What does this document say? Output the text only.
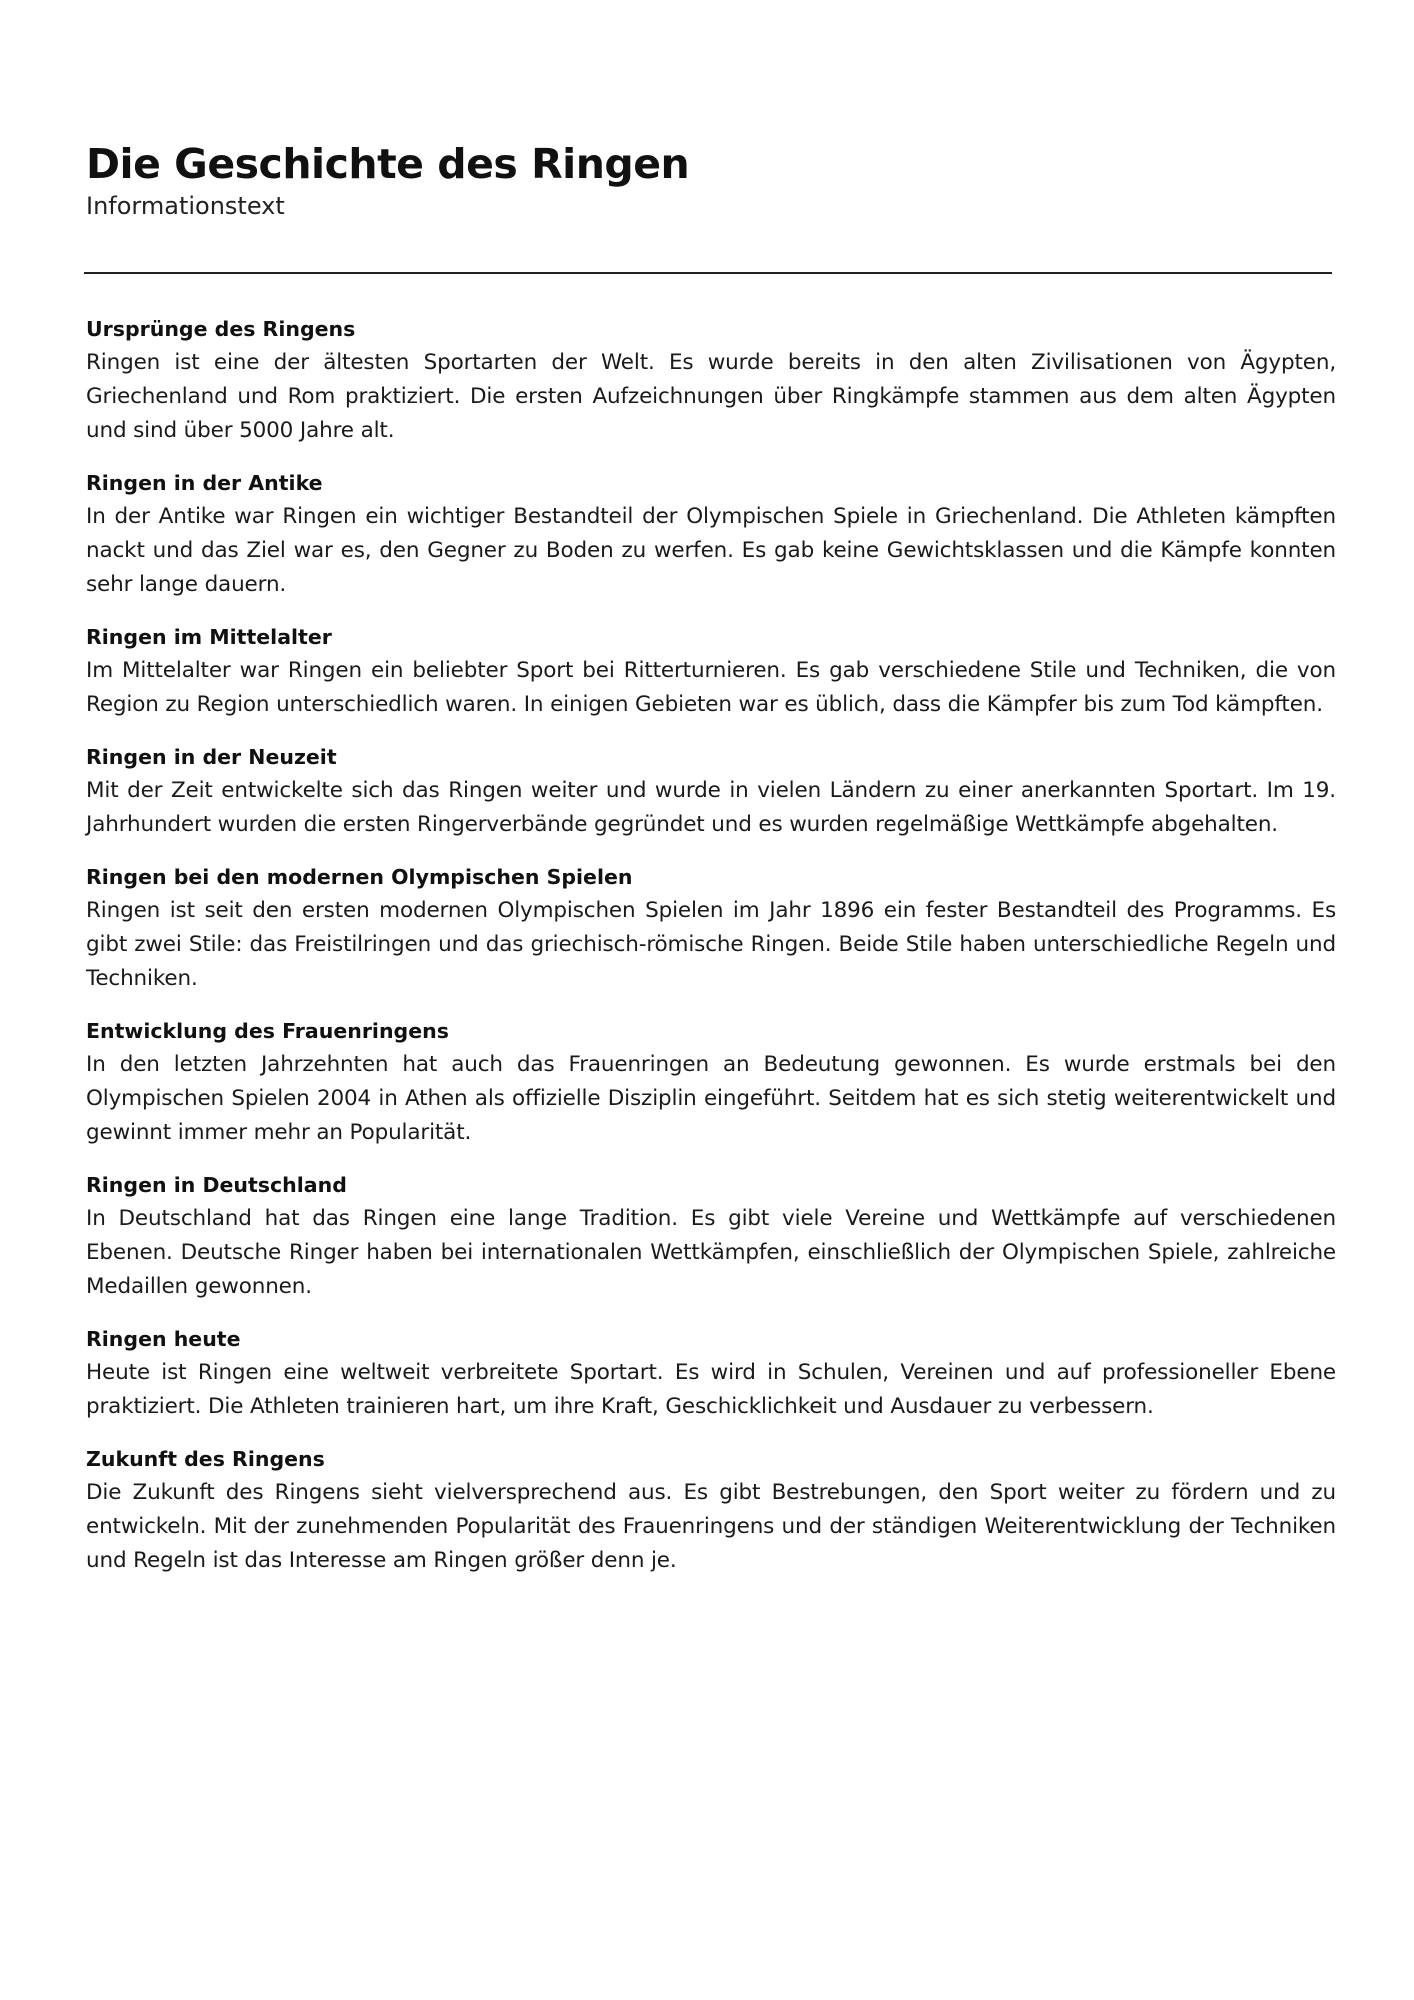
Die Geschichte des Ringen

Informationstext

Ursprünge des Ringens

Ringen ist eine der ältesten Sportarten der Welt. Es wurde bereits in den alten Zivilisationen von Ägypten, Griechenland und Rom praktiziert. Die ersten Aufzeichnungen über Ringkämpfe stammen aus dem alten Ägypten und sind über 5000 Jahre alt.

Ringen in der Antike

In der Antike war Ringen ein wichtiger Bestandteil der Olympischen Spiele in Griechenland. Die Athleten kämpften nackt und das Ziel war es, den Gegner zu Boden zu werfen. Es gab keine Gewichtsklassen und die Kämpfe konnten sehr lange dauern.

Ringen im Mittelalter

Im Mittelalter war Ringen ein beliebter Sport bei Ritterturnieren. Es gab verschiedene Stile und Techniken, die von Region zu Region unterschiedlich waren. In einigen Gebieten war es üblich, dass die Kämpfer bis zum Tod kämpften.

Ringen in der Neuzeit

Mit der Zeit entwickelte sich das Ringen weiter und wurde in vielen Ländern zu einer anerkannten Sportart. Im 19. Jahrhundert wurden die ersten Ringerverbände gegründet und es wurden regelmäßige Wettkämpfe abgehalten.

Ringen bei den modernen Olympischen Spielen

Ringen ist seit den ersten modernen Olympischen Spielen im Jahr 1896 ein fester Bestandteil des Programms. Es gibt zwei Stile: das Freistilringen und das griechisch-römische Ringen. Beide Stile haben unterschiedliche Regeln und Techniken.

Entwicklung des Frauenringens

In den letzten Jahrzehnten hat auch das Frauenringen an Bedeutung gewonnen. Es wurde erstmals bei den Olympischen Spielen 2004 in Athen als offizielle Disziplin eingeführt. Seitdem hat es sich stetig weiterentwickelt und gewinnt immer mehr an Popularität.

Ringen in Deutschland

In Deutschland hat das Ringen eine lange Tradition. Es gibt viele Vereine und Wettkämpfe auf verschiedenen Ebenen. Deutsche Ringer haben bei internationalen Wettkämpfen, einschließlich der Olympischen Spiele, zahlreiche Medaillen gewonnen.

Ringen heute

Heute ist Ringen eine weltweit verbreitete Sportart. Es wird in Schulen, Vereinen und auf professioneller Ebene praktiziert. Die Athleten trainieren hart, um ihre Kraft, Geschicklichkeit und Ausdauer zu verbessern.

Zukunft des Ringens

Die Zukunft des Ringens sieht vielversprechend aus. Es gibt Bestrebungen, den Sport weiter zu fördern und zu entwickeln. Mit der zunehmenden Popularität des Frauenringens und der ständigen Weiterentwicklung der Techniken und Regeln ist das Interesse am Ringen größer denn je.
